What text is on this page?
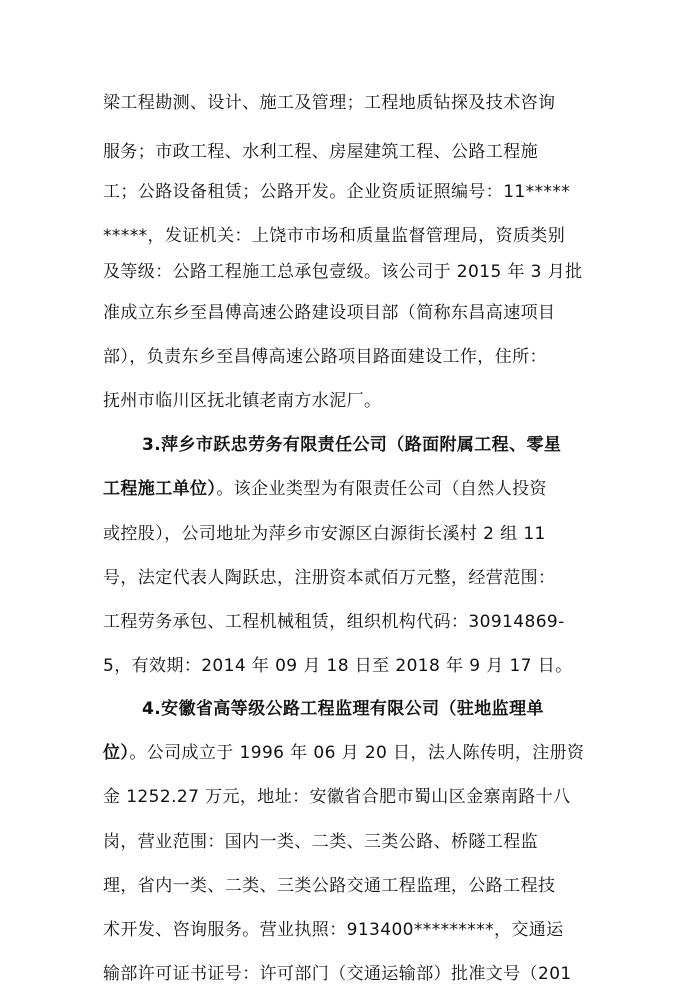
梁工程勘测、设计、施工及管理；工程地质钻探及技术咨询
服务；市政工程、水利工程、房屋建筑工程、公路工程施
工；公路设备租赁；公路开发。企业资质证照编号：11*****
*****，发证机关：上饶市市场和质量监督管理局，资质类别
及等级：公路工程施工总承包壹级。该公司于 2015 年 3 月批
准成立东乡至昌傅高速公路建设项目部（简称东昌高速项目
部），负责东乡至昌傅高速公路项目路面建设工作，住所：
抚州市临川区抚北镇老南方水泥厂。
3.萍乡市跃忠劳务有限责任公司（路面附属工程、零星
工程施工单位）。该企业类型为有限责任公司（自然人投资
或控股），公司地址为萍乡市安源区白源街长溪村 2 组 11
号，法定代表人陶跃忠，注册资本贰佰万元整，经营范围：
工程劳务承包、工程机械租赁，组织机构代码：30914869-
5，有效期：2014 年 09 月 18 日至 2018 年 9 月 17 日。
4.安徽省高等级公路工程监理有限公司（驻地监理单
位）。公司成立于 1996 年 06 月 20 日，法人陈传明，注册资
金 1252.27 万元，地址：安徽省合肥市蜀山区金寨南路十八
岗，营业范围：国内一类、二类、三类公路、桥隧工程监
理，省内一类、二类、三类公路交通工程监理，公路工程技
术开发、咨询服务。营业执照：913400*********，交通运
输部许可证书证号：许可部门（交通运输部）批准文号（201
